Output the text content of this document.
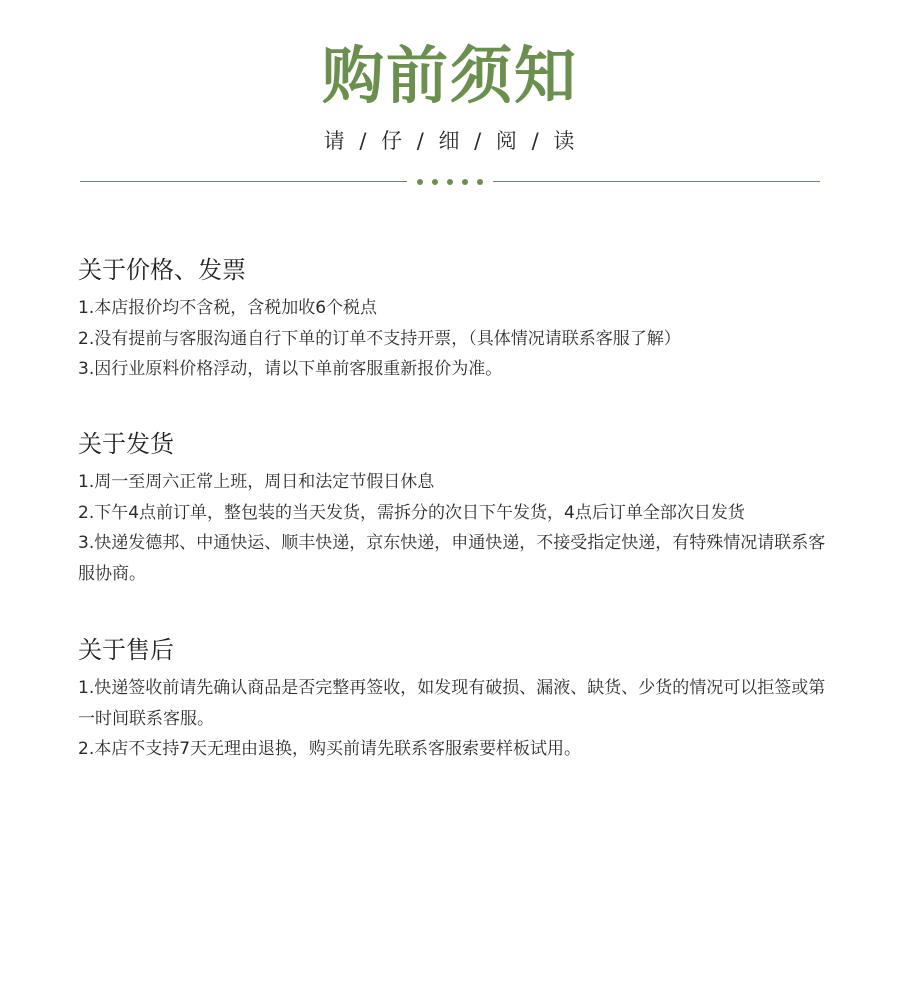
购前须知
请 / 仔 / 细 / 阅 / 读
关于价格、发票

1.本店报价均不含税，含税加收6个税点

2.没有提前与客服沟通自行下单的订单不支持开票，（具体情况请联系客服了解）

3.因行业原料价格浮动，请以下单前客服重新报价为准。

关于发货

1.周一至周六正常上班，周日和法定节假日休息

2.下午4点前订单，整包装的当天发货，需拆分的次日下午发货，4点后订单全部次日发货

3.快递发德邦、中通快运、顺丰快递，京东快递，申通快递，不接受指定快递，有特殊情况请联系客服协商。

关于售后

1.快递签收前请先确认商品是否完整再签收，如发现有破损、漏液、缺货、少货的情况可以拒签或第一时间联系客服。

2.本店不支持7天无理由退换，购买前请先联系客服索要样板试用。
